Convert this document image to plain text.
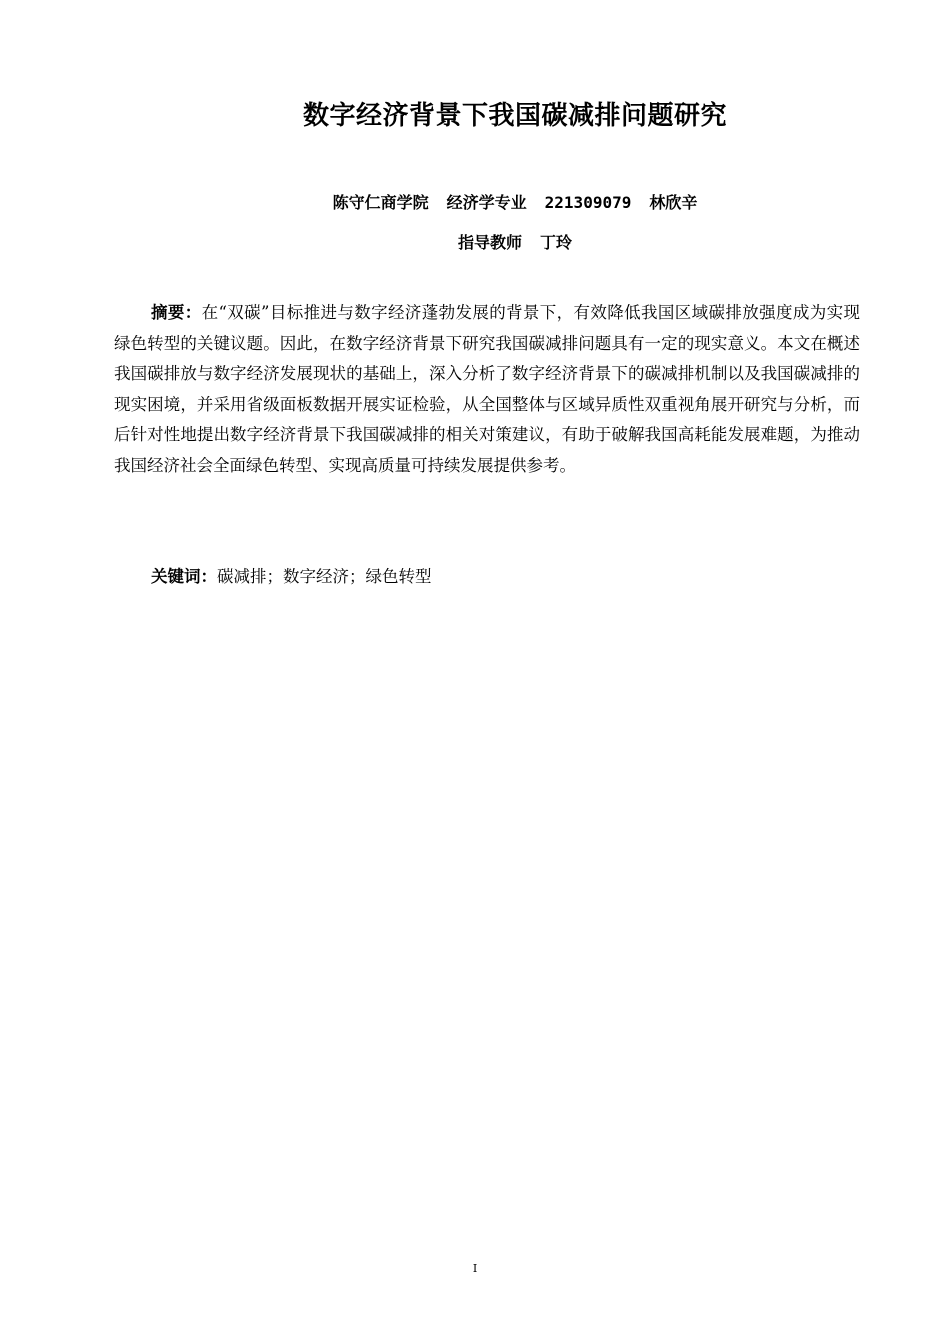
数字经济背景下我国碳减排问题研究
陈守仁商学院 经济学专业 221309079 林欣辛
指导教师 丁玲

摘要：在“双碳”目标推进与数字经济蓬勃发展的背景下，有效降低我国区域碳排放强度成为实现绿色转型的关键议题。因此，在数字经济背景下研究我国碳减排问题具有一定的现实意义。本文在概述我国碳排放与数字经济发展现状的基础上，深入分析了数字经济背景下的碳减排机制以及我国碳减排的现实困境，并采用省级面板数据开展实证检验，从全国整体与区域异质性双重视角展开研究与分析，而后针对性地提出数字经济背景下我国碳减排的相关对策建议，有助于破解我国高耗能发展难题，为推动我国经济社会全面绿色转型、实现高质量可持续发展提供参考。

关键词：碳减排；数字经济；绿色转型

I
